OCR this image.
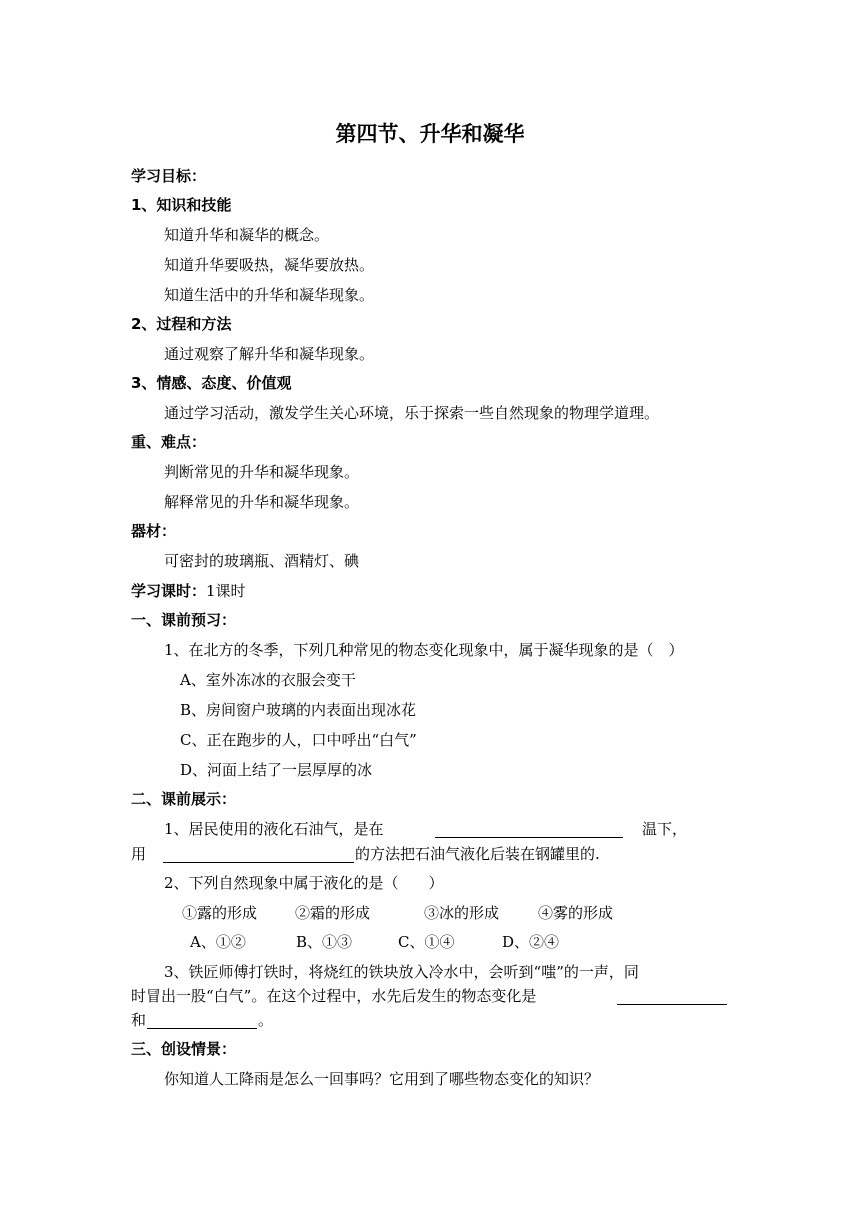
第四节、升华和凝华
学习目标：
1、知识和技能
知道升华和凝华的概念。
知道升华要吸热，凝华要放热。
知道生活中的升华和凝华现象。
2、过程和方法
通过观察了解升华和凝华现象。
3、情感、态度、价值观
通过学习活动，激发学生关心环境，乐于探索一些自然现象的物理学道理。
重、难点：
判断常见的升华和凝华现象。
解释常见的升华和凝华现象。
器材：
可密封的玻璃瓶、酒精灯、碘
学习课时：1课时
一、课前预习：
1、在北方的冬季，下列几种常见的物态变化现象中，属于凝华现象的是（　）
A、室外冻冰的衣服会变干
B、房间窗户玻璃的内表面出现冰花
C、正在跑步的人，口中呼出“白气”
D、河面上结了一层厚厚的冰
二、课前展示：
1、居民使用的液化石油气，是在	温下，
用	的方法把石油气液化后装在钢罐里的.
2、下列自然现象中属于液化的是（　　）
①露的形成	②霜的形成	③冰的形成	④雾的形成
A、①②	B、①③	C、①④	D、②④
3、铁匠师傅打铁时，将烧红的铁块放入冷水中，会听到“嗤”的一声，同
时冒出一股“白气”。在这个过程中，水先后发生的物态变化是
和	。
三、创设情景：
你知道人工降雨是怎么一回事吗？它用到了哪些物态变化的知识？
